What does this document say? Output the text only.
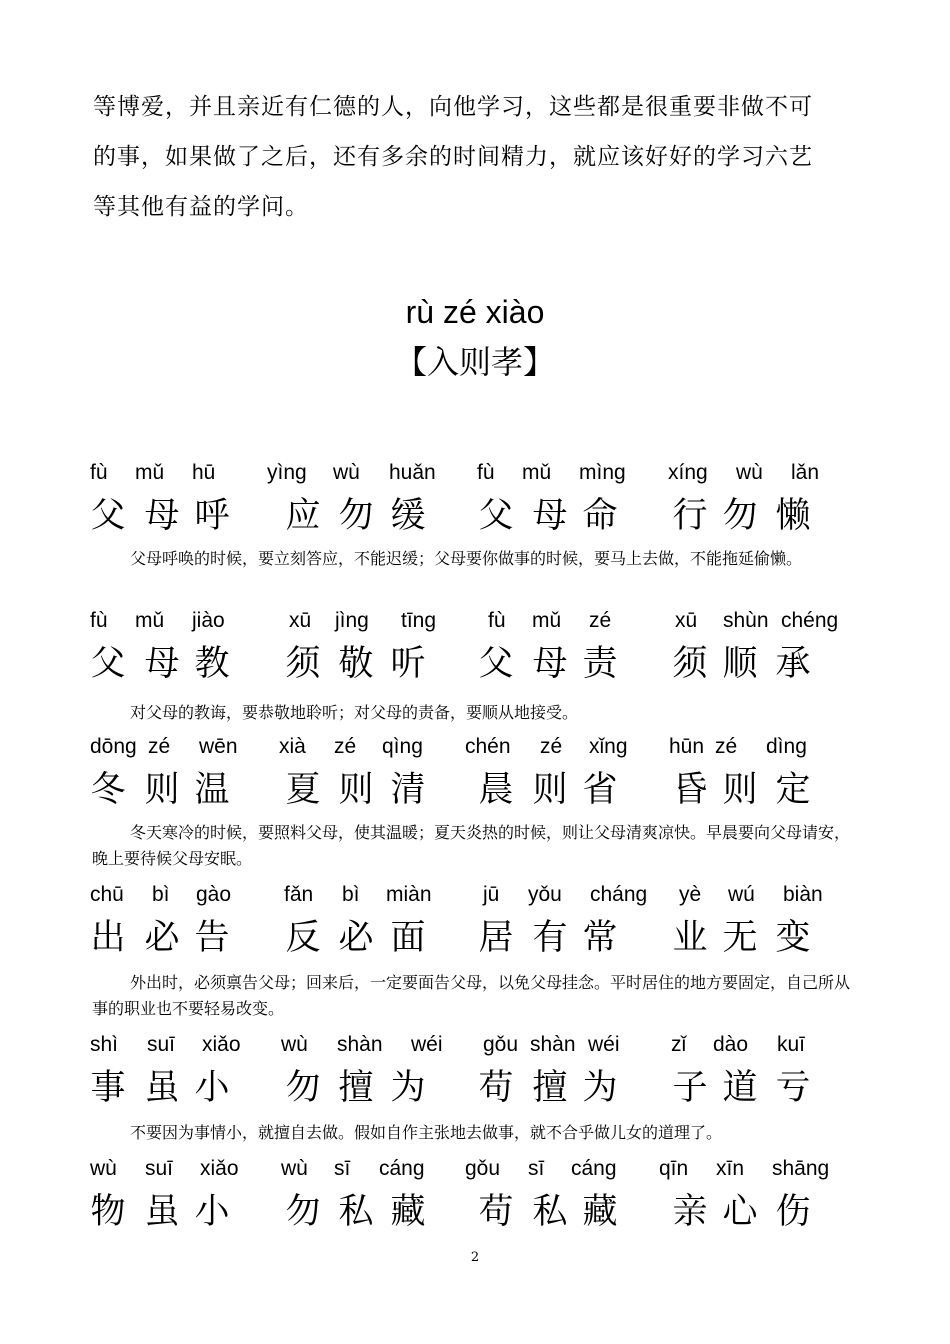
等博爱，并且亲近有仁德的人，向他学习，这些都是很重要非做不可
的事，如果做了之后，还有多余的时间精力，就应该好好的学习六艺
等其他有益的学问。
rù zé xiào
【入则孝】
fù mǔ hū yìng wù huǎn fù mǔ mìng xíng wù lǎn
父 母 呼 应 勿 缓 父 母 命 行 勿 懒
父母呼唤的时候，要立刻答应，不能迟缓；父母要你做事的时候，要马上去做，不能拖延偷懒。
fù mǔ jiào	xū jìng tīng fù mǔ zé	xū shùn chéng
父 母 教 须 敬 听 父 母 责 须 顺 承
对父母的教诲，要恭敬地聆听；对父母的责备，要顺从地接受。
dōng zé wēn xià zé qìng chén zé xǐng hūn zé dìng
冬 则 温 夏 则 清 晨 则 省 昏 则 定
冬天寒冷的时候，要照料父母，使其温暖；夏天炎热的时候，则让父母清爽凉快。早晨要向父母请安，晚上要待候父母安眠。
chū bì gào	fǎn bì miàn jū yǒu cháng yè wú biàn
出 必 告 反 必 面 居 有 常 业 无 变
外出时，必须禀告父母；回来后，一定要面告父母，以免父母挂念。平时居住的地方要固定，自己所从事的职业也不要轻易改变。
shì suī xiǎo wù shàn wéi gǒu shàn wéi zǐ dào kuī
事 虽 小 勿 擅 为 苟 擅 为 子 道 亏
不要因为事情小，就擅自去做。假如自作主张地去做事，就不合乎做儿女的道理了。
wù suī xiǎo wù sī cáng gǒu sī cáng qīn xīn shāng
物 虽 小 勿 私 藏 苟 私 藏 亲 心 伤
2
